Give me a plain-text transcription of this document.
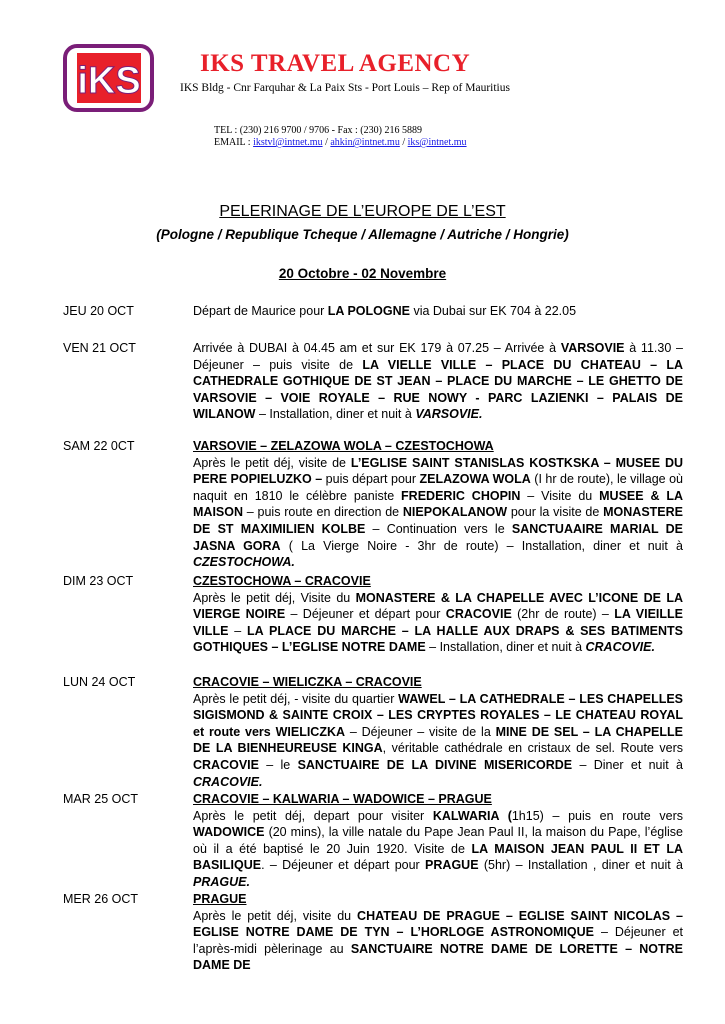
iKS IKS TRAVEL AGENCY
IKS Bldg - Cnr Farquhar & La Paix Sts - Port Louis – Rep of Mauritius
TEL : (230) 216 9700 / 9706 - Fax : (230) 216 5889
EMAIL : ikstvl@intnet.mu / ahkin@intnet.mu / iks@intnet.mu
PELERINAGE DE L’EUROPE DE L’EST
(Pologne / Republique Tcheque / Allemagne / Autriche / Hongrie)
20 Octobre - 02 Novembre
JEU 20 OCT	Départ de Maurice pour LA POLOGNE via Dubai sur EK 704 à 22.05
VEN 21 OCT	Arrivée à DUBAI à 04.45 am et sur EK 179 à 07.25 – Arrivée à VARSOVIE à 11.30 – Déjeuner – puis visite de LA VIELLE VILLE – PLACE DU CHATEAU – LA CATHEDRALE GOTHIQUE DE ST JEAN – PLACE DU MARCHE – LE GHETTO DE VARSOVIE – VOIE ROYALE – RUE NOWY - PARC LAZIENKI – PALAIS DE WILANOW – Installation, diner et nuit à VARSOVIE.
SAM 22 0CT	VARSOVIE – ZELAZOWA WOLA – CZESTOCHOWA
Après le petit déj, visite de L’EGLISE SAINT STANISLAS KOSTKSKA – MUSEE DU PERE POPIELUZKO – puis départ pour ZELAZOWA WOLA (I hr de route), le village où naquit en 1810 le célèbre paniste FREDERIC CHOPIN – Visite du MUSEE & LA MAISON – puis route en direction de NIEPOKALANOW pour la visite de MONASTERE DE ST MAXIMILIEN KOLBE – Continuation vers le SANCTUAAIRE MARIAL DE JASNA GORA ( La Vierge Noire - 3hr de route) – Installation, diner et nuit à CZESTOCHOWA.
DIM 23 OCT	CZESTOCHOWA – CRACOVIE
Après le petit déj, Visite du MONASTERE & LA CHAPELLE AVEC L’ICONE DE LA VIERGE NOIRE – Déjeuner et départ pour CRACOVIE (2hr de route) – LA VIEILLE VILLE – LA PLACE DU MARCHE – LA HALLE AUX DRAPS & SES BATIMENTS GOTHIQUES – L’EGLISE NOTRE DAME – Installation, diner et nuit à CRACOVIE.
LUN 24 OCT	CRACOVIE – WIELICZKA – CRACOVIE
Après le petit déj, - visite du quartier WAWEL – LA CATHEDRALE – LES CHAPELLES SIGISMOND & SAINTE CROIX – LES CRYPTES ROYALES – LE CHATEAU ROYAL et route vers WIELICZKA – Déjeuner – visite de la MINE DE SEL – LA CHAPELLE DE LA BIENHEUREUSE KINGA, véritable cathédrale en cristaux de sel. Route vers CRACOVIE – le SANCTUAIRE DE LA DIVINE MISERICORDE – Diner et nuit à CRACOVIE.
MAR 25 OCT	CRACOVIE – KALWARIA – WADOWICE – PRAGUE
Après le petit déj, depart pour visiter KALWARIA (1h15) – puis en route vers WADOWICE (20 mins), la ville natale du Pape Jean Paul II, la maison du Pape, l’église où il a été baptisé le 20 Juin 1920. Visite de LA MAISON JEAN PAUL II ET LA BASILIQUE. – Déjeuner et départ pour PRAGUE (5hr) – Installation , diner et nuit à PRAGUE.
MER 26 OCT	PRAGUE
Après le petit déj, visite du CHATEAU DE PRAGUE – EGLISE SAINT NICOLAS – EGLISE NOTRE DAME DE TYN – L’HORLOGE ASTRONOMIQUE – Déjeuner et l’après-midi pèlerinage au SANCTUAIRE NOTRE DAME DE LORETTE – NOTRE DAME DE
